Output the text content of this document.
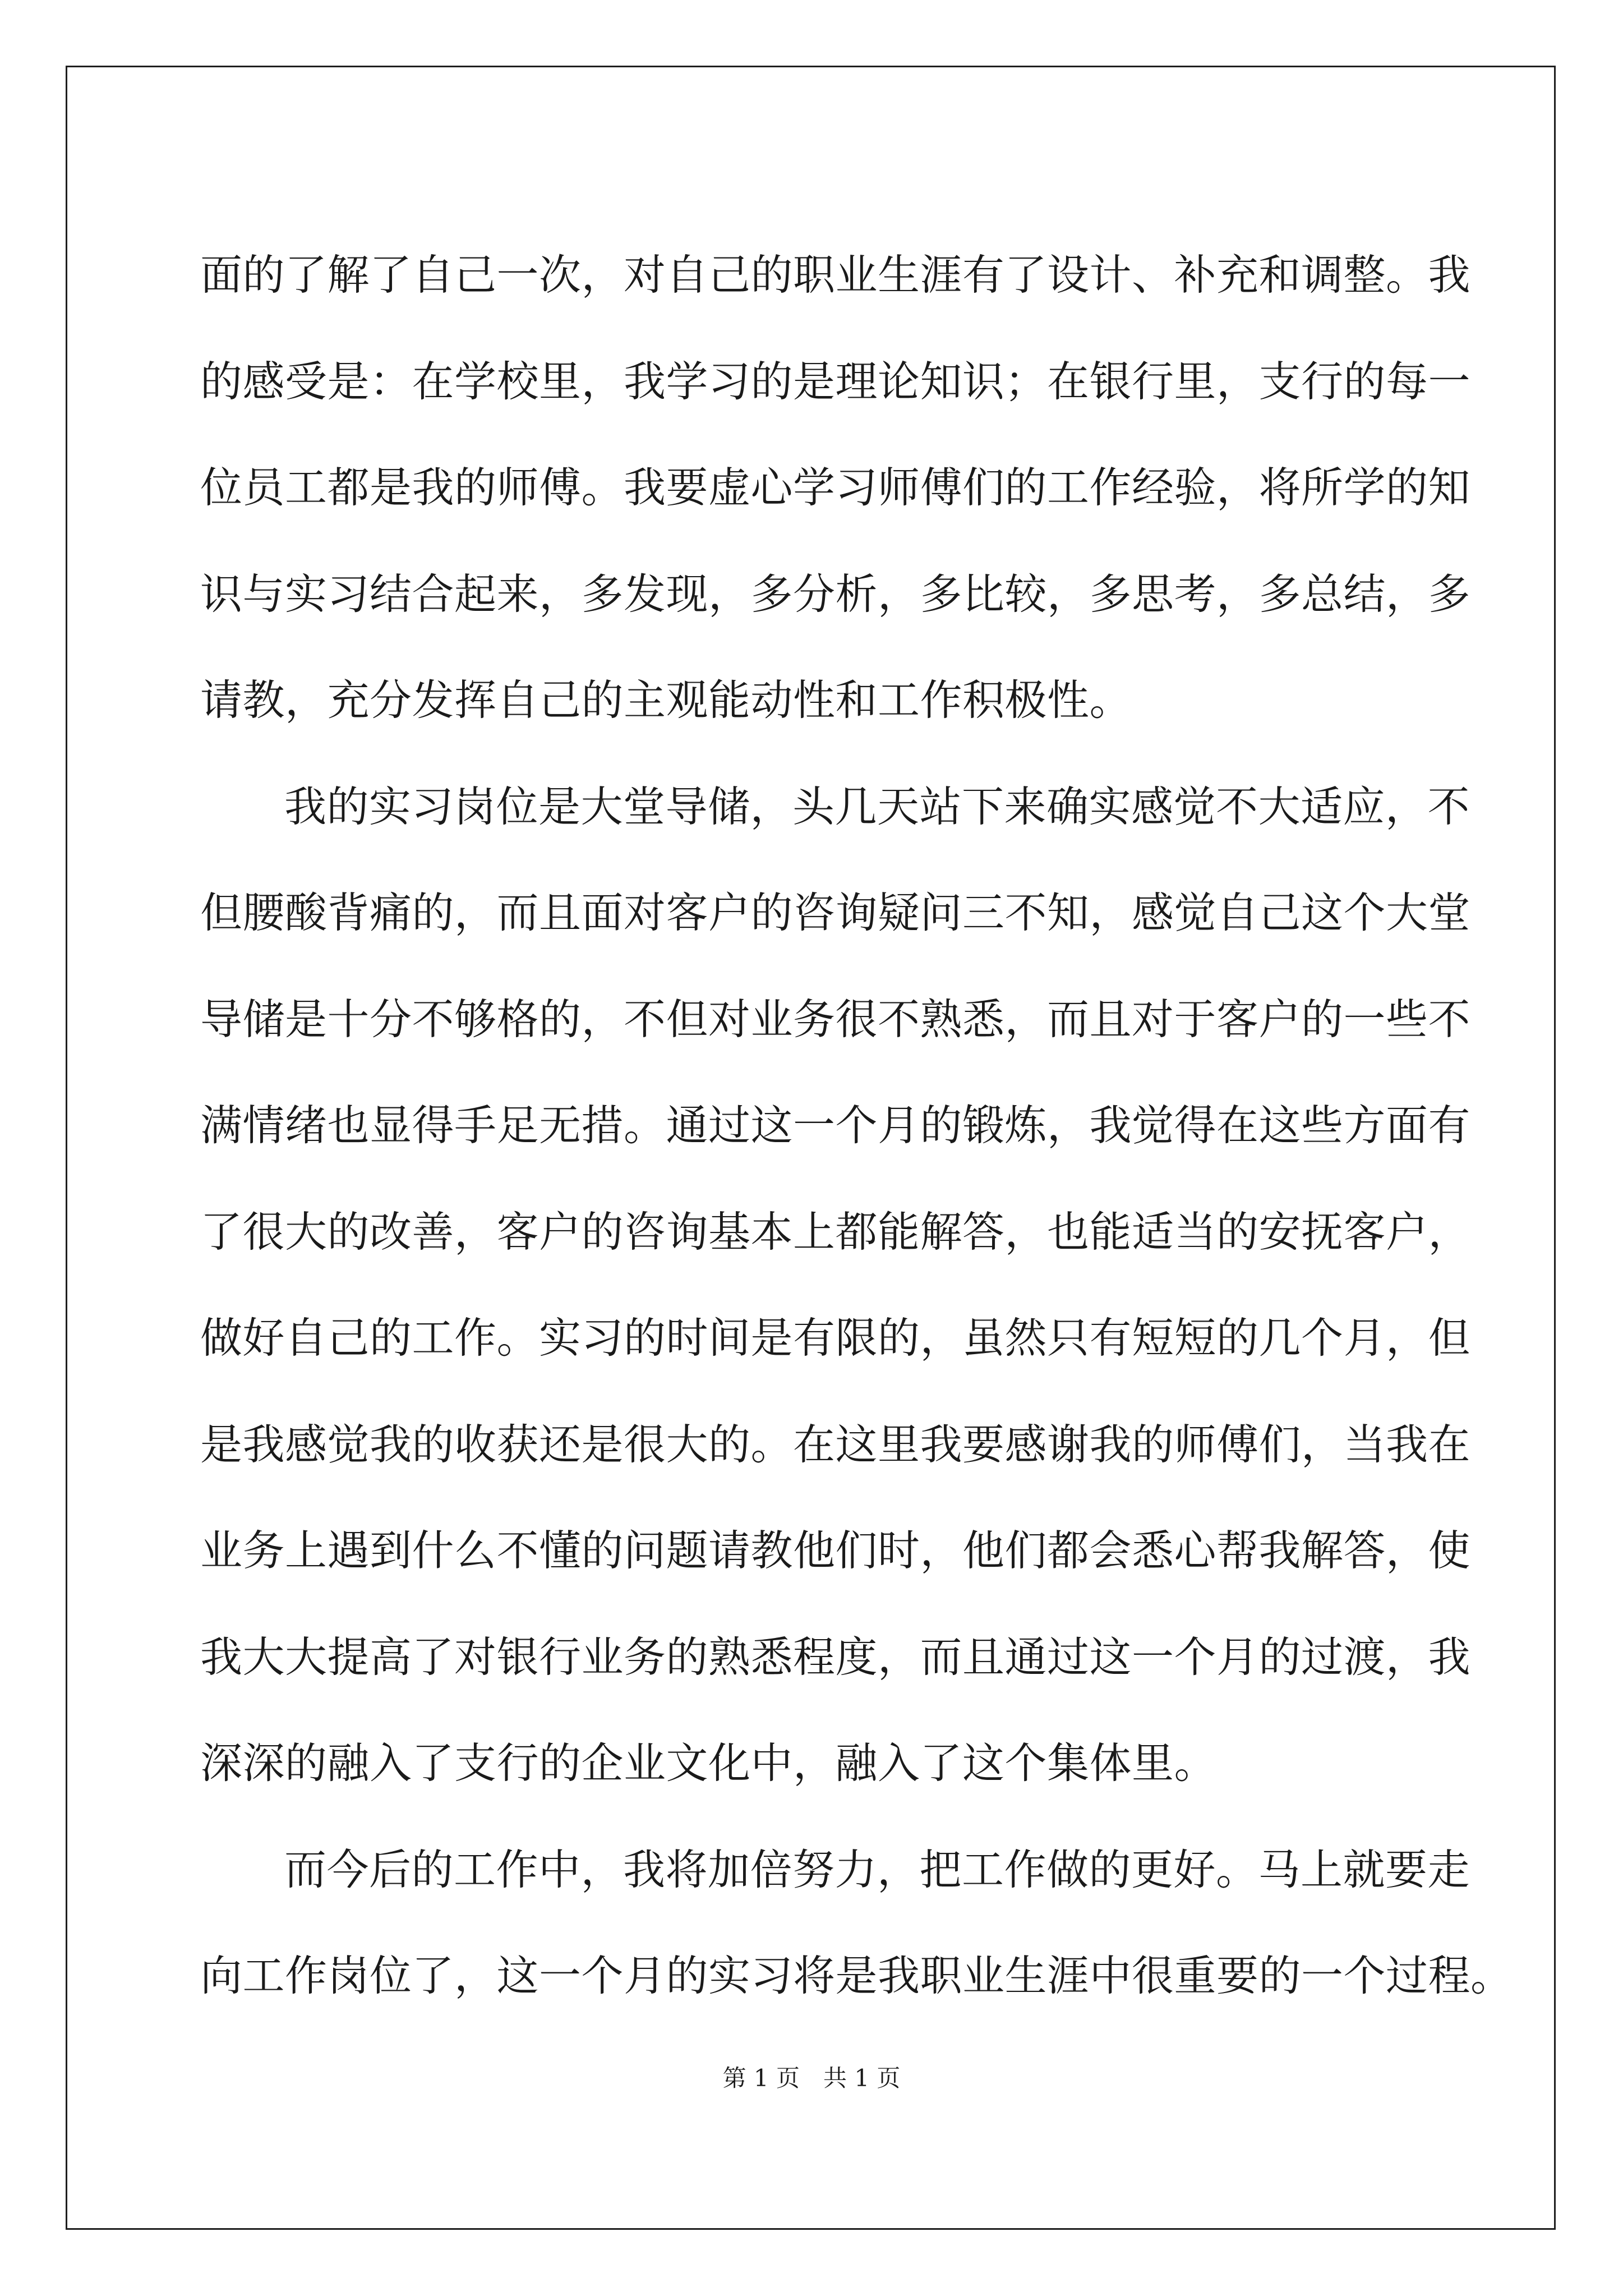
面的了解了自己一次，对自己的职业生涯有了设计、补充和调整。我
的感受是：在学校里，我学习的是理论知识；在银行里，支行的每一
位员工都是我的师傅。我要虚心学习师傅们的工作经验，将所学的知
识与实习结合起来，多发现，多分析，多比较，多思考，多总结，多
请教，充分发挥自己的主观能动性和工作积极性。
我的实习岗位是大堂导储，头几天站下来确实感觉不大适应，不
但腰酸背痛的，而且面对客户的咨询疑问三不知，感觉自己这个大堂
导储是十分不够格的，不但对业务很不熟悉，而且对于客户的一些不
满情绪也显得手足无措。通过这一个月的锻炼，我觉得在这些方面有
了很大的改善，客户的咨询基本上都能解答，也能适当的安抚客户，
做好自己的工作。实习的时间是有限的，虽然只有短短的几个月，但
是我感觉我的收获还是很大的。在这里我要感谢我的师傅们，当我在
业务上遇到什么不懂的问题请教他们时，他们都会悉心帮我解答，使
我大大提高了对银行业务的熟悉程度，而且通过这一个月的过渡，我
深深的融入了支行的企业文化中，融入了这个集体里。
而今后的工作中，我将加倍努力，把工作做的更好。马上就要走
向工作岗位了，这一个月的实习将是我职业生涯中很重要的一个过程。
第 1 页　共 1 页
